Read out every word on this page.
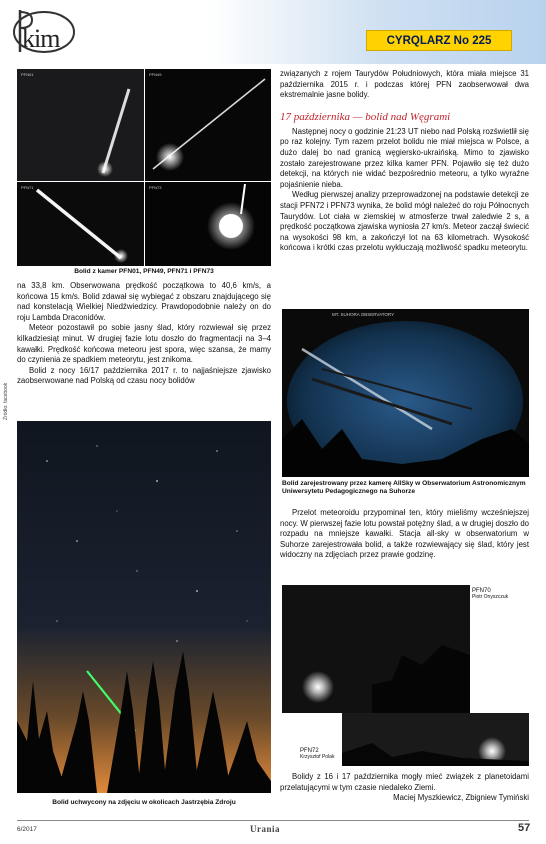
kim	CYRQLARZ No 225
PFN01	PFN49
PFN71	PFN73
Bolid z kamer PFN01, PFN49, PFN71 i PFN73

na 33,8 km. Obserwowana prędkość początkowa to 40,6 km/s, a końcowa 15 km/s. Bolid zdawał się wybiegać z obszaru znajdującego się nad konstelacją Wielkiej Niedźwiedzicy. Prawdopodobnie należy on do roju Lambda Draconidów.

Meteor pozostawił po sobie jasny ślad, który rozwiewał się przez kilkadziesiąt minut. W drugiej fazie lotu doszło do fragmentacji na 3–4 kawałki. Prędkość końcowa meteoru jest spora, więc szansa, że mamy do czynienia ze spadkiem meteorytu, jest znikoma.

Bolid z nocy 16/17 października 2017 r. to najjaśniejsze zjawisko zaobserwowane nad Polską od czasu nocy bolidów

Bolid uchwycony na zdjęciu w okolicach Jastrzębia Zdroju
Źródło: facebook

związanych z rojem Taurydów Południowych, która miała miejsce 31 października 2015 r. i podczas której PFN zaobserwował dwa ekstremalnie jasne bolidy.

17 października — bolid nad Węgrami

Następnej nocy o godzinie 21:23 UT niebo nad Polską rozświetlił się po raz kolejny. Tym razem przelot bolidu nie miał miejsca w Polsce, a dużo dalej bo nad granicą węgiersko-ukraińską. Mimo to zjawisko zostało zarejestrowane przez kilka kamer PFN. Pojawiło się też dużo detekcji, na których nie widać bezpośrednio meteoru, a tylko wyraźne pojaśnienie nieba.

Według pierwszej analizy przeprowadzonej na podstawie detekcji ze stacji PFN72 i PFN73 wynika, że bolid mógł należeć do roju Północnych Taurydów. Lot ciała w ziemskiej w atmosferze trwał zaledwie 2 s, a prędkość początkowa zjawiska wyniosła 27 km/s. Meteor zaczął świecić na wysokości 98 km, a zakończył lot na 63 kilometrach. Wysokość końcowa i krótki czas przelotu wykluczają możliwość spadku meteorytu.

MT. SUHORA OBSERVATORY
Bolid zarejestrowany przez kamerę AllSky w Obserwatorium Astronomicznym Uniwersytetu Pedagogicznego na Suhorze

Przelot meteoroidu przypominał ten, który mieliśmy wcześniejszej nocy. W pierwszej fazie lotu powstał potężny ślad, a w drugiej doszło do rozpadu na mniejsze kawałki. Stacja all-sky w obserwatorium w Suhorze zarejestrowała bolid, a także rozwiewający się ślad, który jest widoczny na zdjęciach przez prawie godzinę.

PFN70
Piotr Onyszczuk
PFN72
Krzysztof Polak

Bolidy z 16 i 17 października mogły mieć związek z planetoidami przelatującymi w tym czasie niedaleko Ziemi.

Maciej Myszkiewicz, Zbigniew Tymiński

6/2017	Urania	57
